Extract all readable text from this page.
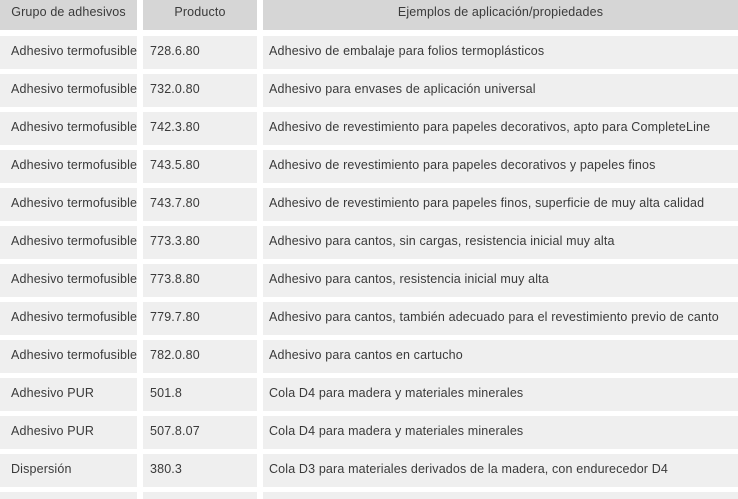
Grupo de adhesivos	Producto	Ejemplos de aplicación/propiedades
Adhesivo termofusible	728.6.80	Adhesivo de embalaje para folios termoplásticos
Adhesivo termofusible	732.0.80	Adhesivo para envases de aplicación universal
Adhesivo termofusible	742.3.80	Adhesivo de revestimiento para papeles decorativos, apto para CompleteLine
Adhesivo termofusible	743.5.80	Adhesivo de revestimiento para papeles decorativos y papeles finos
Adhesivo termofusible	743.7.80	Adhesivo de revestimiento para papeles finos, superficie de muy alta calidad
Adhesivo termofusible	773.3.80	Adhesivo para cantos, sin cargas, resistencia inicial muy alta
Adhesivo termofusible	773.8.80	Adhesivo para cantos, resistencia inicial muy alta
Adhesivo termofusible	779.7.80	Adhesivo para cantos, también adecuado para el revestimiento previo de canto
Adhesivo termofusible	782.0.80	Adhesivo para cantos en cartucho
Adhesivo PUR	501.8	Cola D4 para madera y materiales minerales
Adhesivo PUR	507.8.07	Cola D4 para madera y materiales minerales
Dispersión	380.3	Cola D3 para materiales derivados de la madera, con endurecedor D4
